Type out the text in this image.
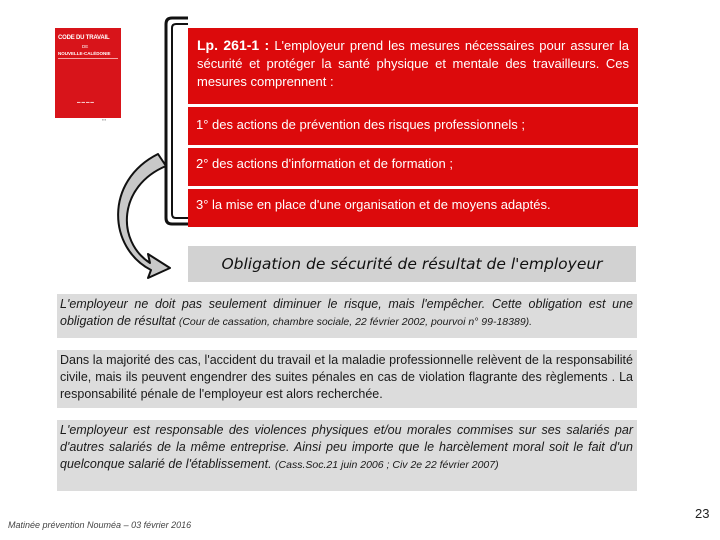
CODE DU TRAVAIL
DE
NOUVELLE-CALÉDONIE
▬ ▬ ▬ ▬
▪▪▪
Lp. 261-1 : L'employeur prend les mesures nécessaires pour assurer la sécurité et protéger la santé physique et mentale des travailleurs. Ces mesures comprennent :
1° des actions de prévention des risques professionnels ;
2° des actions d'information et de formation ;
3° la mise en place d'une organisation et de moyens adaptés.
Obligation de sécurité de résultat de l'employeur
L'employeur ne doit pas seulement diminuer le risque, mais l'empêcher. Cette obligation est une obligation de résultat (Cour de cassation, chambre sociale, 22 février 2002, pourvoi n° 99-18389).
Dans la majorité des cas, l'accident du travail et la maladie professionnelle relèvent de la responsabilité civile, mais ils peuvent engendrer des suites pénales en cas de violation flagrante des règlements . La responsabilité pénale de l'employeur est alors recherchée.
L'employeur est responsable des violences physiques et/ou morales commises sur ses salariés par d'autres salariés de la même entreprise. Ainsi peu importe que le harcèlement moral soit le fait d'un quelconque salarié de l'établissement. (Cass.Soc.21 juin 2006 ; Civ 2e 22 février 2007)
Matinée prévention Nouméa – 03 février 2016
23
